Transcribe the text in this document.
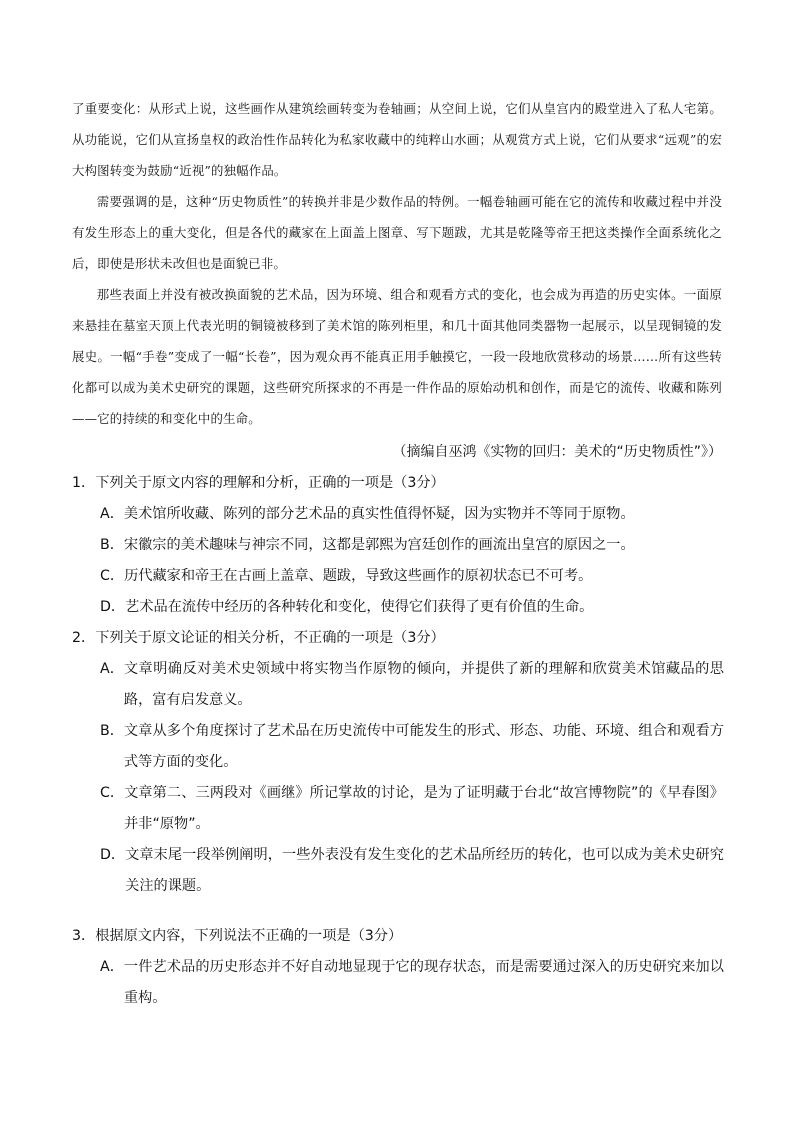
了重要变化：从形式上说，这些画作从建筑绘画转变为卷轴画；从空间上说，它们从皇宫内的殿堂进入了私人宅第。从功能说，它们从宣扬皇权的政治性作品转化为私家收藏中的纯粹山水画；从观赏方式上说，它们从要求“远观”的宏大构图转变为鼓励“近视”的独幅作品。

需要强调的是，这种“历史物质性”的转换并非是少数作品的特例。一幅卷轴画可能在它的流传和收藏过程中并没有发生形态上的重大变化，但是各代的藏家在上面盖上图章、写下题跋，尤其是乾隆等帝王把这类操作全面系统化之后，即使是形状未改但也是面貌已非。

那些表面上并没有被改换面貌的艺术品，因为环境、组合和观看方式的变化，也会成为再造的历史实体。一面原来悬挂在墓室天顶上代表光明的铜镜被移到了美术馆的陈列柜里，和几十面其他同类器物一起展示，以呈现铜镜的发展史。一幅“手卷”变成了一幅“长卷”，因为观众再不能真正用手触摸它，一段一段地欣赏移动的场景……所有这些转化都可以成为美术史研究的课题，这些研究所探求的不再是一件作品的原始动机和创作，而是它的流传、收藏和陈列——它的持续的和变化中的生命。

（摘编自巫鸿《实物的回归：美术的“历史物质性”》）
1．下列关于原文内容的理解和分析，正确的一项是（3分）
A． 美术馆所收藏、陈列的部分艺术品的真实性值得怀疑，因为实物并不等同于原物。
B． 宋徽宗的美术趣味与神宗不同，这都是郭熙为宫廷创作的画流出皇宫的原因之一。
C． 历代藏家和帝王在古画上盖章、题跋，导致这些画作的原初状态已不可考。
D． 艺术品在流传中经历的各种转化和变化，使得它们获得了更有价值的生命。
2．下列关于原文论证的相关分析，不正确的一项是（3分）
A． 文章明确反对美术史领域中将实物当作原物的倾向，并提供了新的理解和欣赏美术馆藏品的思路，富有启发意义。
B． 文章从多个角度探讨了艺术品在历史流传中可能发生的形式、形态、功能、环境、组合和观看方式等方面的变化。
C． 文章第二、三两段对《画继》所记掌故的讨论，是为了证明藏于台北“故宫博物院”的《早春图》并非“原物”。
D． 文章末尾一段举例阐明，一些外表没有发生变化的艺术品所经历的转化，也可以成为美术史研究关注的课题。
3．根据原文内容，下列说法不正确的一项是（3分）
A． 一件艺术品的历史形态并不好自动地显现于它的现存状态，而是需要通过深入的历史研究来加以重构。
